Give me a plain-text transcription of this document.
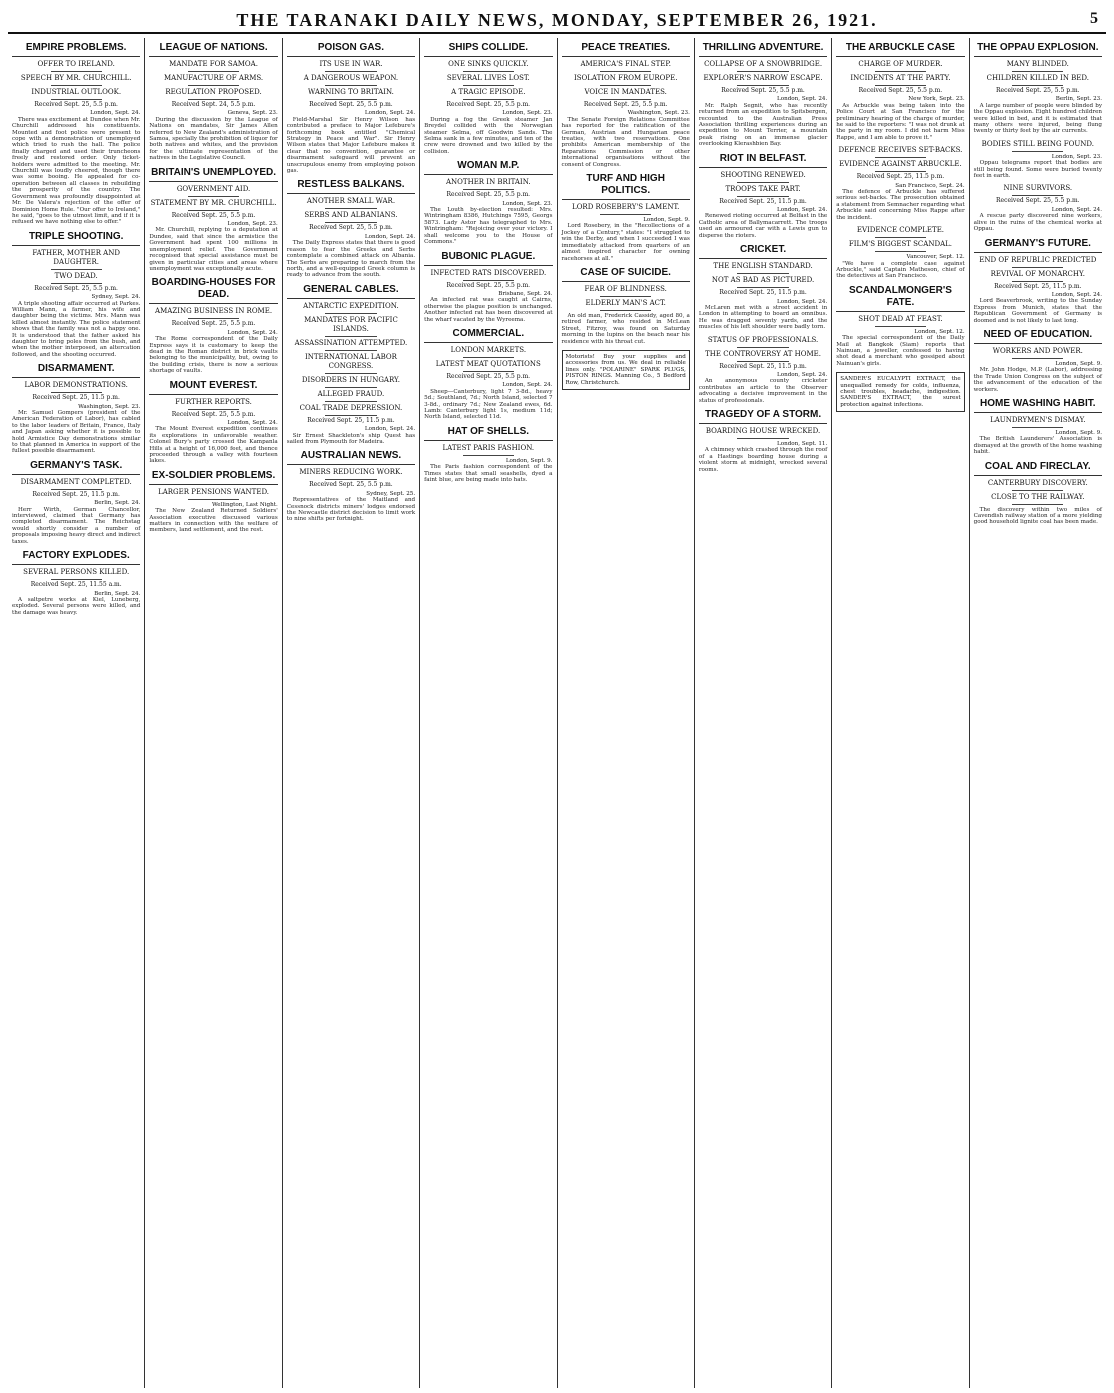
THE TARANAKI DAILY NEWS, MONDAY, SEPTEMBER 26, 1921.	5
EMPIRE PROBLEMS.
OFFER TO IRELAND.
SPEECH BY MR. CHURCHILL.
INDUSTRIAL OUTLOOK.
Received Sept. 25, 5.5 p.m.
London, Sept. 24.
There was excitement at Dundee when Mr. Churchill addressed his constituents. Mounted and foot police were present to cope with a demonstration of unemployed which tried to rush the hall. The police finally charged and used their truncheons freely and restored order. Only ticket-holders were admitted to the meeting. Mr. Churchill was loudly cheered, though there was some booing. He appealed for co-operation between all classes in rebuilding the prosperity of the country. The Government was profoundly disappointed at Mr. De Valera's rejection of the offer of Dominion Home Rule. "Our offer to Ireland," he said, "goes to the utmost limit, and if it is refused we have nothing else to offer."
TRIPLE SHOOTING.
FATHER, MOTHER AND DAUGHTER.
TWO DEAD.
Received Sept. 25, 5.5 p.m.
Sydney, Sept. 24.
A triple shooting affair occurred at Parkes. William Mann, a farmer, his wife and daughter being the victims. Mrs. Mann was killed almost instantly. The police statement shows that the family was not a happy one. It is understood that the father asked his daughter to bring poles from the bush, and when the mother interposed, an altercation followed, and the shooting occurred.
DISARMAMENT.
LABOR DEMONSTRATIONS.
Received Sept. 25, 11.5 p.m.
Washington, Sept. 23.
Mr. Samuel Gompers (president of the American Federation of Labor), has cabled to the labor leaders of Britain, France, Italy and Japan asking whether it is possible to hold Armistice Day demonstrations similar to that planned in America in support of the fullest possible disarmament.
GERMANY'S TASK.
DISARMAMENT COMPLETED.
Received Sept. 25, 11.5 p.m.
Berlin, Sept. 24.
Herr Wirth, German Chancellor, interviewed, claimed that Germany has completed disarmament. The Reichstag would shortly consider a number of proposals imposing heavy direct and indirect taxes.
FACTORY EXPLODES.
SEVERAL PERSONS KILLED.
Received Sept. 25, 11.55 a.m.
Berlin, Sept. 24.
A saltpetre works at Kiel, Luneberg, exploded. Several persons were killed, and the damage was heavy.
LEAGUE OF NATIONS.
MANDATE FOR SAMOA.
MANUFACTURE OF ARMS.
REGULATION PROPOSED.
Received Sept. 24, 5.5 p.m.
Geneva, Sept. 23.
During the discussion by the League of Nations on mandates, Sir James Allen referred to New Zealand's administration of Samoa, specially the prohibition of liquor for both natives and whites, and the provision for the ultimate representation of the natives in the Legislative Council.
BRITAIN'S UNEMPLOYED.
GOVERNMENT AID.
STATEMENT BY MR. CHURCHILL.
Received Sept. 25, 5.5 p.m.
London, Sept. 23.
Mr. Churchill, replying to a deputation at Dundee, said that since the armistice the Government had spent 100 millions in unemployment relief. The Government recognised that special assistance must be given in particular cities and areas where unemployment was exceptionally acute.
BOARDING-HOUSES FOR DEAD.
AMAZING BUSINESS IN ROME.
Received Sept. 25, 5.5 p.m.
London, Sept. 24.
The Rome correspondent of the Daily Express says it is customary to keep the dead in the Roman district in brick vaults belonging to the municipality, but, owing to the building crisis, there is now a serious shortage of vaults.
MOUNT EVEREST.
FURTHER REPORTS.
Received Sept. 25, 5.5 p.m.
London, Sept. 24.
The Mount Everest expedition continues its explorations in unfavorable weather. Colonel Bury's party crossed the Kampanla Hills at a height of 16,000 feet, and thence proceeded through a valley with fourteen lakes.
EX-SOLDIER PROBLEMS.
LARGER PENSIONS WANTED.
Wellington, Last Night.
The New Zealand Returned Soldiers' Association executive discussed various matters in connection with the welfare of members, land settlement, and the rest.
POISON GAS.
ITS USE IN WAR.
A DANGEROUS WEAPON.
WARNING TO BRITAIN.
Received Sept. 25, 5.5 p.m.
London, Sept. 24.
Field-Marshal Sir Henry Wilson has contributed a preface to Major Lefebure's forthcoming book entitled "Chemical Strategy in Peace and War". Sir Henry Wilson states that Major Lefebure makes it clear that no convention, guarantee or disarmament safeguard will prevent an unscrupulous enemy from employing poison gas.
RESTLESS BALKANS.
ANOTHER SMALL WAR.
SERBS AND ALBANIANS.
Received Sept. 25, 5.5 p.m.
London, Sept. 24.
The Daily Express states that there is good reason to fear the Greeks and Serbs contemplate a combined attack on Albania. The Serbs are preparing to march from the north, and a well-equipped Greek column is ready to advance from the south.
GENERAL CABLES.
ANTARCTIC EXPEDITION.
MANDATES FOR PACIFIC ISLANDS.
ASSASSINATION ATTEMPTED.
INTERNATIONAL LABOR CONGRESS.
DISORDERS IN HUNGARY.
ALLEGED FRAUD.
COAL TRADE DEPRESSION.
Received Sept. 25, 11.5 p.m.
London, Sept. 24.
Sir Ernest Shackleton's ship Quest has sailed from Plymouth for Madeira.
AUSTRALIAN NEWS.
MINERS REDUCING WORK.
Received Sept. 25, 5.5 p.m.
Sydney, Sept. 25.
Representatives of the Maitland and Cessnock districts miners' lodges endorsed the Newcastle district decision to limit work to nine shifts per fortnight.
SHIPS COLLIDE.
ONE SINKS QUICKLY.
SEVERAL LIVES LOST.
A TRAGIC EPISODE.
Received Sept. 25, 5.5 p.m.
London, Sept. 23.
During a fog the Greek steamer Jan Breydel collided with the Norwegian steamer Selma, off Goodwin Sands. The Selma sank in a few minutes, and ten of the crew were drowned and two killed by the collision.
WOMAN M.P.
ANOTHER IN BRITAIN.
Received Sept. 25, 5.5 p.m.
London, Sept. 23.
The Louth by-election resulted: Mrs. Wintringham 8386, Hutchings 7595, Georgs 5873. Lady Astor has telegraphed to Mrs. Wintringham: "Rejoicing over your victory. I shall welcome you to the House of Commons."
BUBONIC PLAGUE.
INFECTED RATS DISCOVERED.
Received Sept. 25, 5.5 p.m.
Brisbane, Sept. 24.
An infected rat was caught at Cairns, otherwise the plague position is unchanged. Another infected rat has been discovered at the wharf vacated by the Wyreema.
COMMERCIAL.
LONDON MARKETS.
LATEST MEAT QUOTATIONS
Received Sept. 25, 5.5 p.m.
London, Sept. 24.
Sheep—Canterbury, light 7 3-8d., heavy 5d.; Southland, 7d.; North Island, selected 7 3-8d., ordinary 7d.; New Zealand ewes, 6d. Lamb: Canterbury light 1s, medium 11d; North Island, selected 11d.
HAT OF SHELLS.
LATEST PARIS FASHION.
London, Sept. 9.
The Paris fashion correspondent of the Times states that small seashells, dyed a faint blue, are being made into hats.
PEACE TREATIES.
AMERICA'S FINAL STEP.
ISOLATION FROM EUROPE.
VOICE IN MANDATES.
Received Sept. 25, 5.5 p.m.
Washington, Sept. 23.
The Senate Foreign Relations Committee has reported for the ratification of the German, Austrian and Hungarian peace treaties, with two reservations. One prohibits American membership of the Reparations Commission or other international organisations without the consent of Congress.
TURF AND HIGH POLITICS.
LORD ROSEBERY'S LAMENT.
London, Sept. 9.
Lord Rosebery, in the "Recollections of a Jockey of a Century," states: "I struggled to win the Derby, and when I succeeded I was immediately attacked from quarters of an almost inspired character for owning racehorses at all."
CASE OF SUICIDE.
FEAR OF BLINDNESS.
ELDERLY MAN'S ACT.
An old man, Frederick Cassidy, aged 80, a retired farmer, who resided in McLean Street, Fitzroy, was found on Saturday morning in the lupins on the beach near his residence with his throat cut.
Motorists! Buy your supplies and accessories from us. We deal in reliable lines only. "POLARINE" SPARK PLUGS, PISTON RINGS. Manning Co., 5 Bedford Row, Christchurch.
THRILLING ADVENTURE.
COLLAPSE OF A SNOWBRIDGE.
EXPLORER'S NARROW ESCAPE.
Received Sept. 25, 5.5 p.m.
London, Sept. 24.
Mr. Ralph Segnit, who has recently returned from an expedition to Spitsbergen, recounted to the Australian Press Association thrilling experiences during an expedition to Mount Terrier, a mountain peak rising on an immense glacier overlooking Klerashbien Bay.
RIOT IN BELFAST.
SHOOTING RENEWED.
TROOPS TAKE PART.
Received Sept. 25, 11.5 p.m.
London, Sept. 24.
Renewed rioting occurred at Belfast in the Catholic area of Ballymacarrett. The troops used an armoured car with a Lewis gun to disperse the rioters.
CRICKET.
THE ENGLISH STANDARD.
NOT AS BAD AS PICTURED.
Received Sept. 25, 11.5 p.m.
London, Sept. 24.
McLaren met with a street accident in London in attempting to board an omnibus. He was dragged seventy yards, and the muscles of his left shoulder were badly torn.
STATUS OF PROFESSIONALS.
THE CONTROVERSY AT HOME.
Received Sept. 25, 11.5 p.m.
London, Sept. 24.
An anonymous county cricketer contributes an article to the Observer advocating a decisive improvement in the status of professionals.
TRAGEDY OF A STORM.
BOARDING HOUSE WRECKED.
London, Sept. 11.
A chimney which crashed through the roof of a Hastings boarding house during a violent storm at midnight, wrecked several rooms.
THE ARBUCKLE CASE
CHARGE OF MURDER.
INCIDENTS AT THE PARTY.
Received Sept. 25, 5.5 p.m.
New York, Sept. 23.
As Arbuckle was being taken into the Police Court at San Francisco for the preliminary hearing of the charge of murder, he said to the reporters: "I was not drunk at the party in my room. I did not harm Miss Rappe, and I am able to prove it."
DEFENCE RECEIVES SET-BACKS.
EVIDENCE AGAINST ARBUCKLE.
Received Sept. 25, 11.5 p.m.
San Francisco, Sept. 24.
The defence of Arbuckle has suffered serious set-backs. The prosecution obtained a statement from Semnacher regarding what Arbuckle said concerning Miss Rappe after the incident.
EVIDENCE COMPLETE.
FILM'S BIGGEST SCANDAL.
Vancouver, Sept. 12.
"We have a complete case against Arbuckle," said Captain Matheson, chief of the detectives at San Francisco.
SCANDALMONGER'S FATE.
SHOT DEAD AT FEAST.
London, Sept. 12.
The special correspondent of the Daily Mail at Bangkok (Siam) reports that Nainuan, a jeweller, confessed to having shot dead a merchant who gossiped about Nainuan's girls.
SANDER'S EUCALYPTI EXTRACT, the unequalled remedy for colds, influenza, chest troubles, headache, indigestion. SANDER'S EXTRACT, the surest protection against infections.
THE OPPAU EXPLOSION.
MANY BLINDED.
CHILDREN KILLED IN BED.
Received Sept. 25, 5.5 p.m.
Berlin, Sept. 23.
A large number of people were blinded by the Oppau explosion. Eight hundred children were killed in bed, and it is estimated that many others were injured, being flung twenty or thirty feet by the air currents.
BODIES STILL BEING FOUND.
London, Sept. 23.
Oppau telegrams report that bodies are still being found. Some were buried twenty feet in earth.
NINE SURVIVORS.
Received Sept. 25, 5.5 p.m.
London, Sept. 24.
A rescue party discovered nine workers, alive in the ruins of the chemical works at Oppau.
GERMANY'S FUTURE.
END OF REPUBLIC PREDICTED
REVIVAL OF MONARCHY.
Received Sept. 25, 11.5 p.m.
London, Sept. 24.
Lord Beaverbrook, writing to the Sunday Express from Munich, states that the Republican Government of Germany is doomed and is not likely to last long.
NEED OF EDUCATION.
WORKERS AND POWER.
London, Sept. 9.
Mr. John Hodge, M.P. (Labor), addressing the Trade Union Congress on the subject of the advancement of the education of the workers.
HOME WASHING HABIT.
LAUNDRYMEN'S DISMAY.
London, Sept. 9.
The British Launderers' Association is dismayed at the growth of the home washing habit.
COAL AND FIRECLAY.
CANTERBURY DISCOVERY.
CLOSE TO THE RAILWAY.
The discovery within two miles of Cavendish railway station of a more yielding good household lignite coal has been made.
